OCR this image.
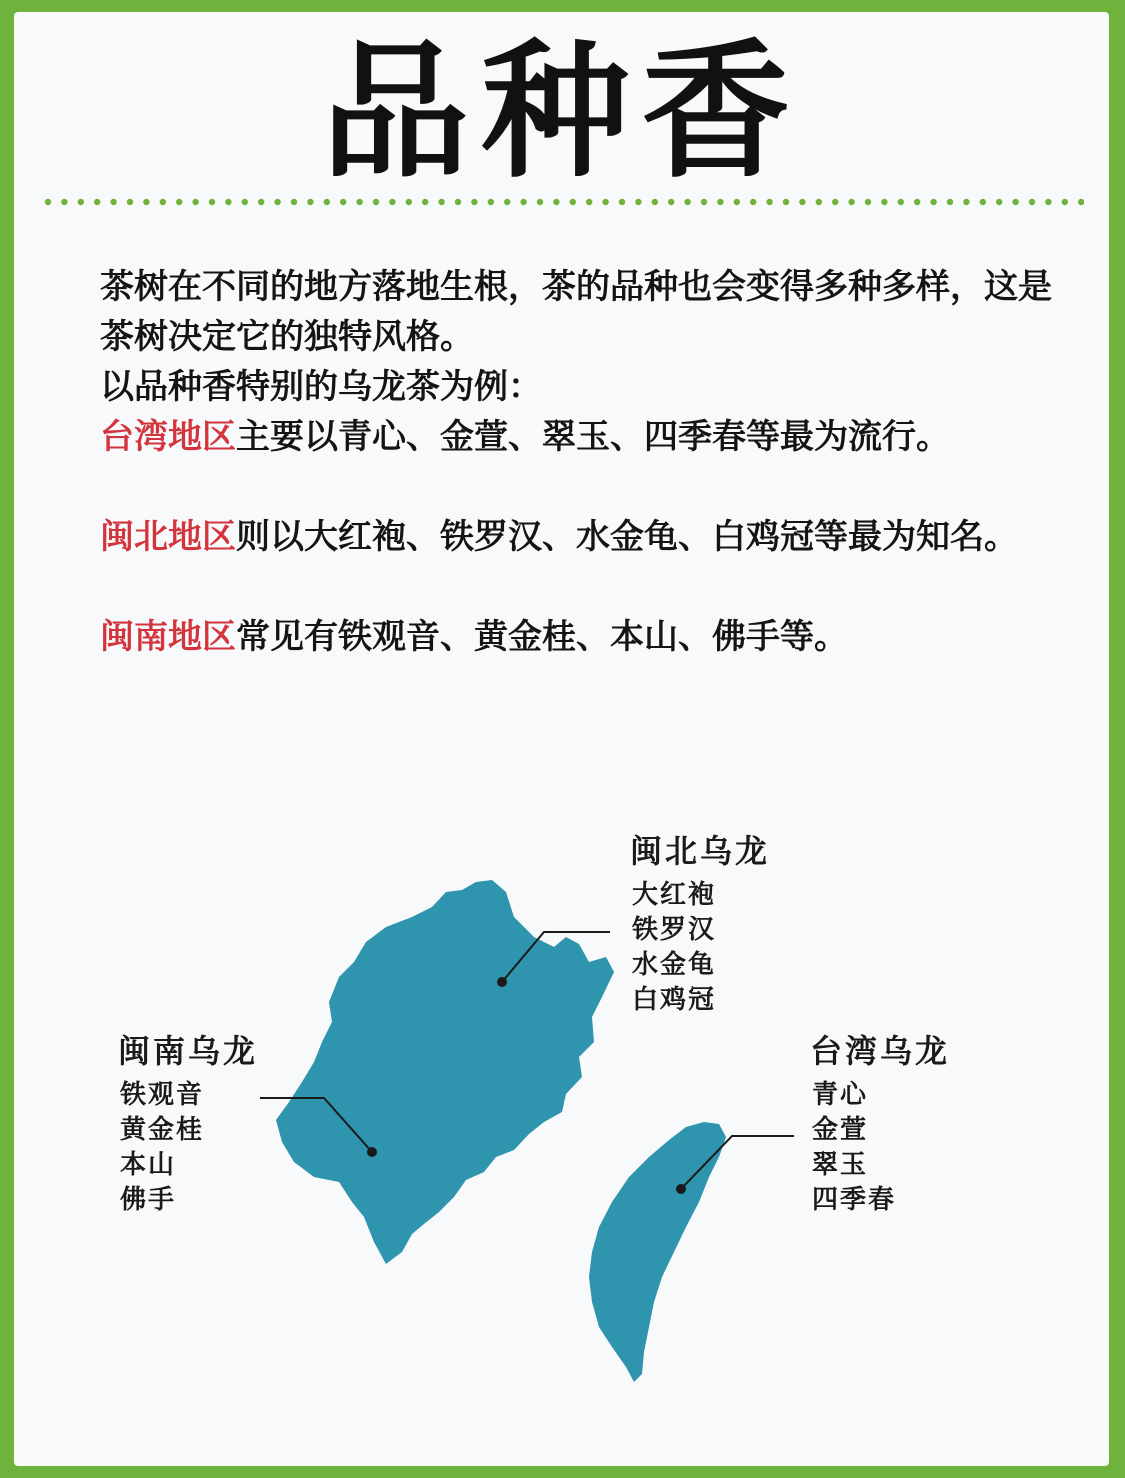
品种香

茶树在不同的地方落地生根，茶的品种也会变得多种多样，这是茶树决定它的独特风格。

以品种香特别的乌龙茶为例：

台湾地区主要以青心、金萱、翠玉、四季春等最为流行。

闽北地区则以大红袍、铁罗汉、水金龟、白鸡冠等最为知名。

闽南地区常见有铁观音、黄金桂、本山、佛手等。

闽北乌龙
大红袍
铁罗汉
水金龟
白鸡冠
闽南乌龙
铁观音
黄金桂
本山
佛手
台湾乌龙
青心
金萱
翠玉
四季春
